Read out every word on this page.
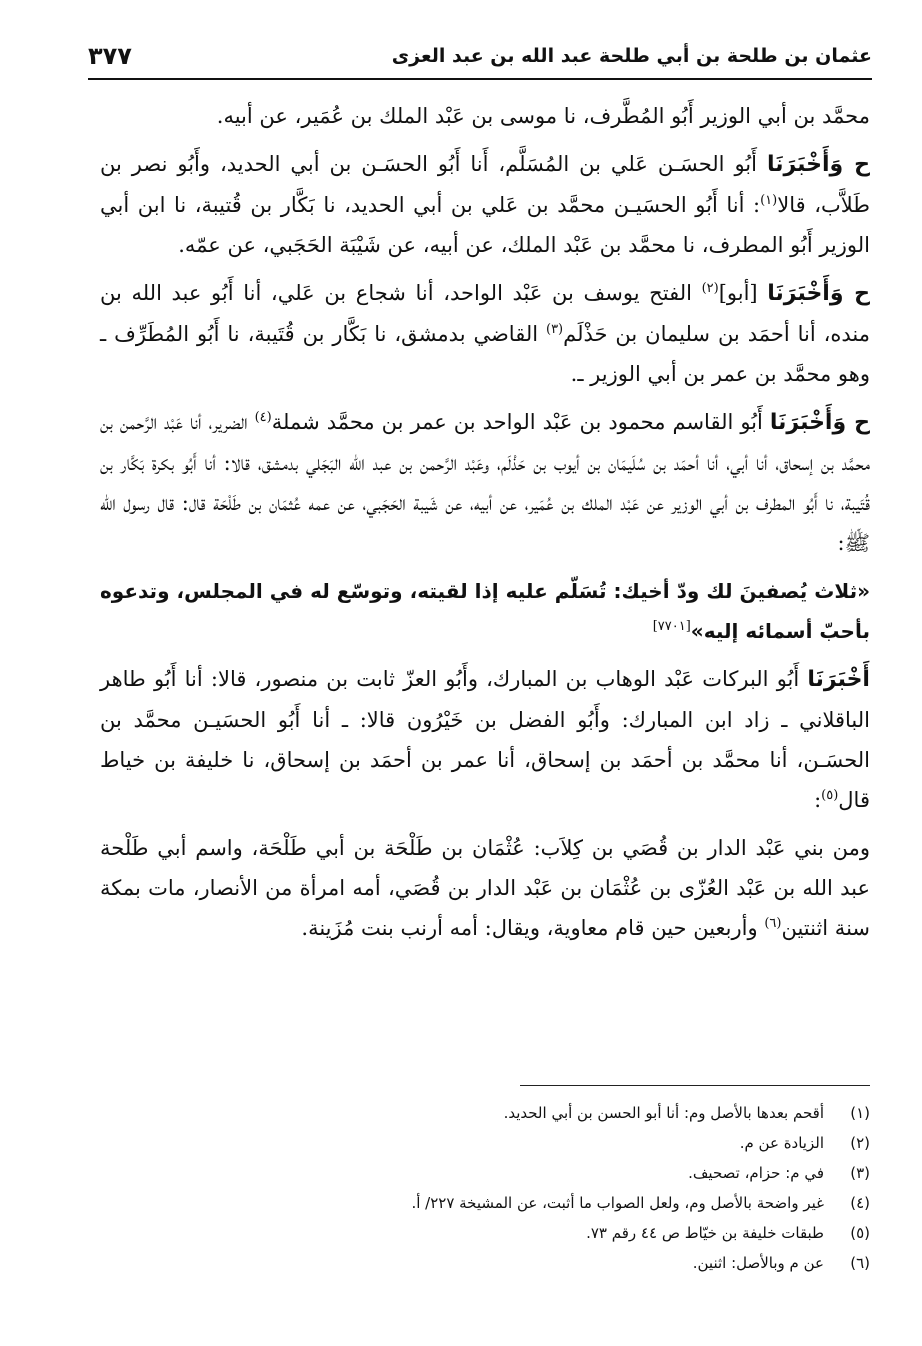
عثمان بن طلحة بن أبي طلحة عبد الله بن عبد العزى
٣٧٧

محمَّد بن أبي الوزير أَبُو المُطَّرف، نا موسى بن عَبْد الملك بن عُمَير، عن أبيه.

ح وَأَخْبَرَنَا أَبُو الحسَـن عَلي بن المُسَلَّم، أَنا أَبُو الحسَـن بن أبي الحديد، وأَبُو نصر بن طَلاَّب، قالا$^{(١)}$: أنا أَبُو الحسَيـن محمَّد بن عَلي بن أبي الحديد، نا بَكَّار بن قُتيبة، نا ابن أبي الوزير أَبُو المطرف، نا محمَّد بن عَبْد الملك، عن أبيه، عن شَيْبَة الحَجَبي، عن عمّه.

ح وَأَخْبَرَنَا [أبو]$^{(٢)}$ الفتح يوسف بن عَبْد الواحد، أنا شجاع بن عَلي، أنا أَبُو عبد الله بن منده، أنا أحمَد بن سليمان بن حَذْلَم$^{(٣)}$ القاضي بدمشق، نا بَكَّار بن قُتَيبة، نا أَبُو المُطَرِّف ـ وهو محمَّد بن عمر بن أبي الوزير ـ.

ح وَأَخْبَرَنَا أَبُو القاسم محمود بن عَبْد الواحد بن عمر بن محمَّد شملة$^{(٤)}$ الضرير، أنا عَبْد الرَّحمن بن محمَّد بن إسحاق، أنا أبي، أنا أحمَد بن سُلَيمَان بن أيوب بن حَذْلَم، وعَبْد الرَّحمن بن عبد الله البَجَلي بدمشق، قالا: أنا أَبُو بكرة بَكَّار بن قُتَيبة، نا أَبُو المطرف بن أبي الوزير عن عَبْد الملك بن عُمَير، عن أبيه، عن شَيبة الحَجَبي، عن عمه عُثمَان بن طَلْحَة قال: قال رسول الله ﷺ:

«ثلاث يُصفينَ لك ودّ أخيك: تُسَلّم عليه إذا لقيته، وتوسّع له في المجلس، وتدعوه بأحبّ أسمائه إليه»[٧٧٠١]

أَخْبَرَنَا أَبُو البركات عَبْد الوهاب بن المبارك، وأَبُو العزّ ثابت بن منصور، قالا: أنا أَبُو طاهر الباقلاني ـ زاد ابن المبارك: وأَبُو الفضل بن خَيْرُون قالا: ـ أنا أَبُو الحسَيـن محمَّد بن الحسَـن، أنا محمَّد بن أحمَد بن إسحاق، أنا عمر بن أحمَد بن إسحاق، نا خليفة بن خياط قال$^{(٥)}$:

ومن بني عَبْد الدار بن قُصَي بن كِلاَب: عُثْمَان بن طَلْحَة بن أبي طَلْحَة، واسم أبي طَلْحة عبد الله بن عَبْد العُزّى بن عُثْمَان بن عَبْد الدار بن قُصَي، أمه امرأة من الأنصار، مات بمكة سنة اثنتين$^{(٦)}$ وأربعين حين قام معاوية، ويقال: أمه أرنب بنت مُزَينة.

(١)
أقحم بعدها بالأصل وم: أنا أبو الحسن بن أبي الحديد.
(٢)
الزيادة عن م.
(٣)
في م: حزام، تصحيف.
(٤)
غير واضحة بالأصل وم، ولعل الصواب ما أثبت، عن المشيخة ٢٢٧/ أ.
(٥)
طبقات خليفة بن خيّاط ص ٤٤ رقم ٧٣.
(٦)
عن م وبالأصل: اثنين.
